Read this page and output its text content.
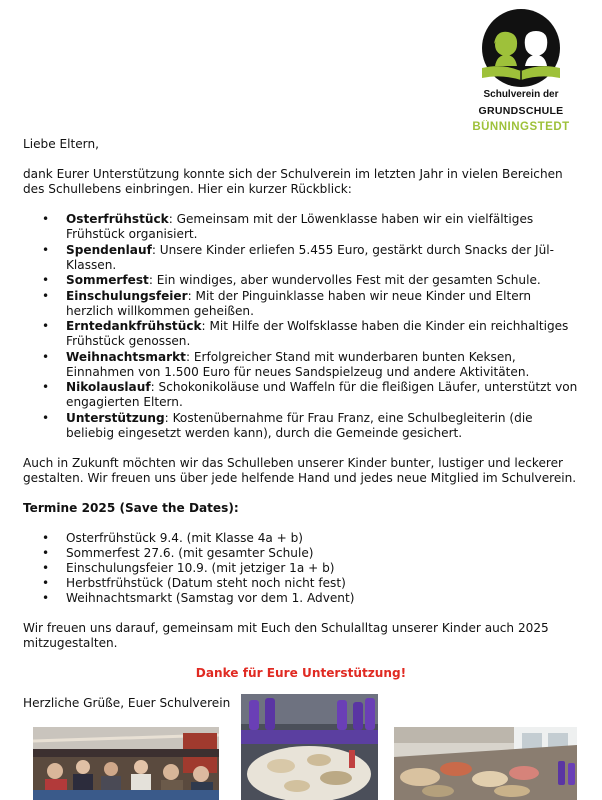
Schulverein der
GRUNDSCHULE
BÜNNINGSTEDT

Liebe Eltern,

dank Eurer Unterstützung konnte sich der Schulverein im letzten Jahr in vielen Bereichen des Schullebens einbringen. Hier ein kurzer Rückblick:

• Osterfrühstück: Gemeinsam mit der Löwenklasse haben wir ein vielfältiges Frühstück organisiert.
• Spendenlauf: Unsere Kinder erliefen 5.455 Euro, gestärkt durch Snacks der Jül-Klassen.
• Sommerfest: Ein windiges, aber wundervolles Fest mit der gesamten Schule.
• Einschulungsfeier: Mit der Pinguinklasse haben wir neue Kinder und Eltern herzlich willkommen geheißen.
• Erntedankfrühstück: Mit Hilfe der Wolfsklasse haben die Kinder ein reichhaltiges Frühstück genossen.
• Weihnachtsmarkt: Erfolgreicher Stand mit wunderbaren bunten Keksen, Einnahmen von 1.500 Euro für neues Sandspielzeug und andere Aktivitäten.
• Nikolauslauf: Schokonikoläuse und Waffeln für die fleißigen Läufer, unterstützt von engagierten Eltern.
• Unterstützung: Kostenübernahme für Frau Franz, eine Schulbegleiterin (die beliebig eingesetzt werden kann), durch die Gemeinde gesichert.

Auch in Zukunft möchten wir das Schulleben unserer Kinder bunter, lustiger und leckerer gestalten. Wir freuen uns über jede helfende Hand und jedes neue Mitglied im Schulverein.

Termine 2025 (Save the Dates):

• Osterfrühstück 9.4. (mit Klasse 4a + b)
• Sommerfest 27.6. (mit gesamter Schule)
• Einschulungsfeier 10.9. (mit jetziger 1a + b)
• Herbstfrühstück (Datum steht noch nicht fest)
• Weihnachtsmarkt (Samstag vor dem 1. Advent)

Wir freuen uns darauf, gemeinsam mit Euch den Schulalltag unserer Kinder auch 2025 mitzugestalten.

Danke für Eure Unterstützung!

Herzliche Grüße, Euer Schulverein
